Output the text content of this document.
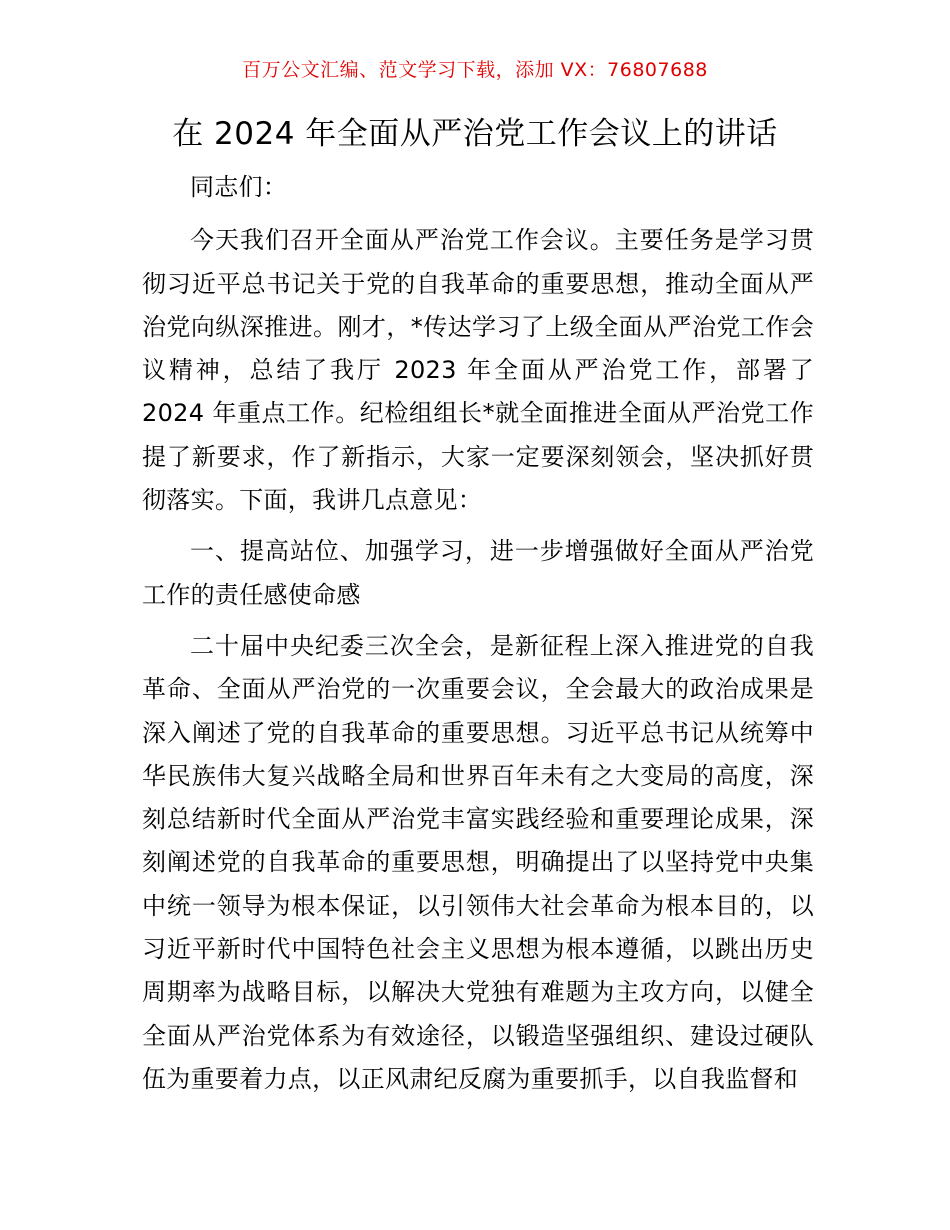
百万公文汇编、范文学习下载，添加 VX：76807688
在 2024 年全面从严治党工作会议上的讲话

同志们：

今天我们召开全面从严治党工作会议。主要任务是学习贯彻习近平总书记关于党的自我革命的重要思想，推动全面从严治党向纵深推进。刚才，*传达学习了上级全面从严治党工作会议精神，总结了我厅 2023 年全面从严治党工作，部署了 2024 年重点工作。纪检组组长*就全面推进全面从严治党工作提了新要求，作了新指示，大家一定要深刻领会，坚决抓好贯彻落实。下面，我讲几点意见：

一、提高站位、加强学习，进一步增强做好全面从严治党工作的责任感使命感

二十届中央纪委三次全会，是新征程上深入推进党的自我革命、全面从严治党的一次重要会议，全会最大的政治成果是深入阐述了党的自我革命的重要思想。习近平总书记从统筹中华民族伟大复兴战略全局和世界百年未有之大变局的高度，深刻总结新时代全面从严治党丰富实践经验和重要理论成果，深刻阐述党的自我革命的重要思想，明确提出了以坚持党中央集中统一领导为根本保证，以引领伟大社会革命为根本目的，以习近平新时代中国特色社会主义思想为根本遵循，以跳出历史周期率为战略目标，以解决大党独有难题为主攻方向，以健全全面从严治党体系为有效途径，以锻造坚强组织、建设过硬队伍为重要着力点，以正风肃纪反腐为重要抓手，以自我监督和
